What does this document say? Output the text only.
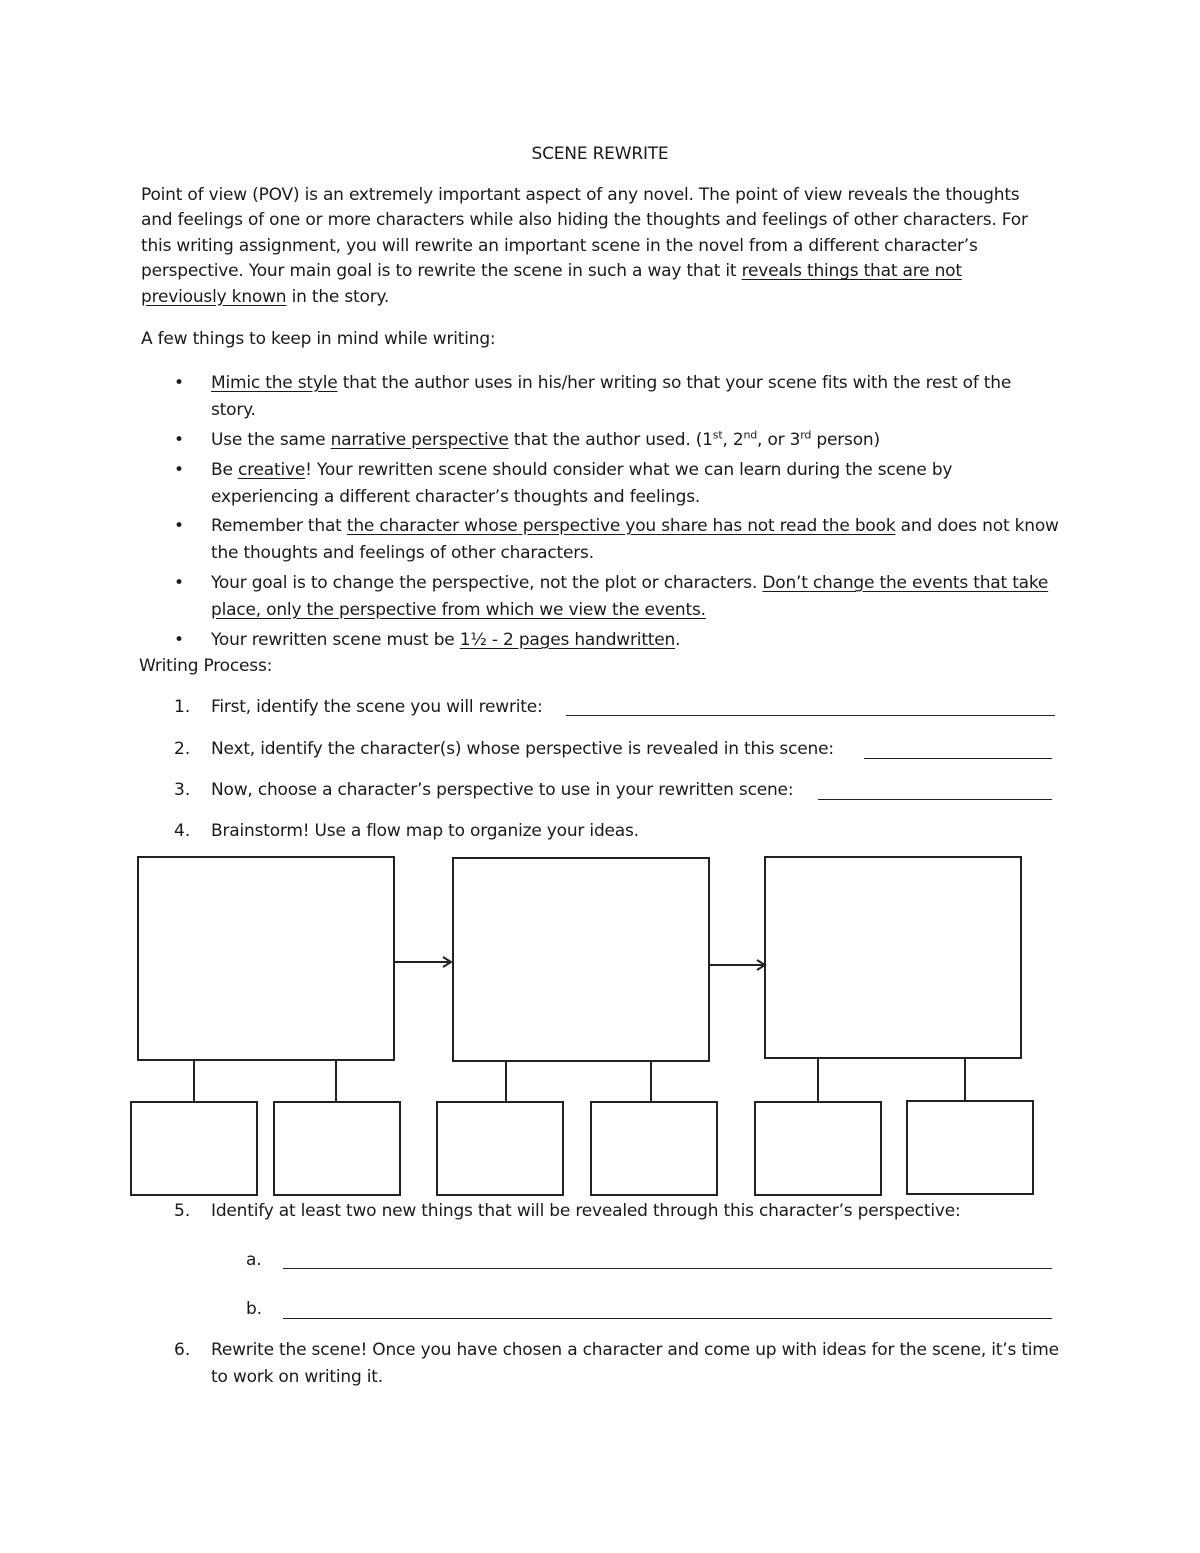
SCENE REWRITE
Point of view (POV) is an extremely important aspect of any novel. The point of view reveals the thoughts and feelings of one or more characters while also hiding the thoughts and feelings of other characters. For this writing assignment, you will rewrite an important scene in the novel from a different character’s perspective. Your main goal is to rewrite the scene in such a way that it reveals things that are not previously known in the story.
A few things to keep in mind while writing:
• Mimic the style that the author uses in his/her writing so that your scene fits with the rest of the story.
• Use the same narrative perspective that the author used. (1st, 2nd, or 3rd person)
• Be creative! Your rewritten scene should consider what we can learn during the scene by experiencing a different character’s thoughts and feelings.
• Remember that the character whose perspective you share has not read the book and does not know the thoughts and feelings of other characters.
• Your goal is to change the perspective, not the plot or characters. Don’t change the events that take place, only the perspective from which we view the events.
• Your rewritten scene must be 1½ - 2 pages handwritten.
Writing Process:
1. First, identify the scene you will rewrite:
2. Next, identify the character(s) whose perspective is revealed in this scene:
3. Now, choose a character’s perspective to use in your rewritten scene:
4. Brainstorm! Use a flow map to organize your ideas.
5. Identify at least two new things that will be revealed through this character’s perspective:
a.
b.
6. Rewrite the scene! Once you have chosen a character and come up with ideas for the scene, it’s time to work on writing it.
